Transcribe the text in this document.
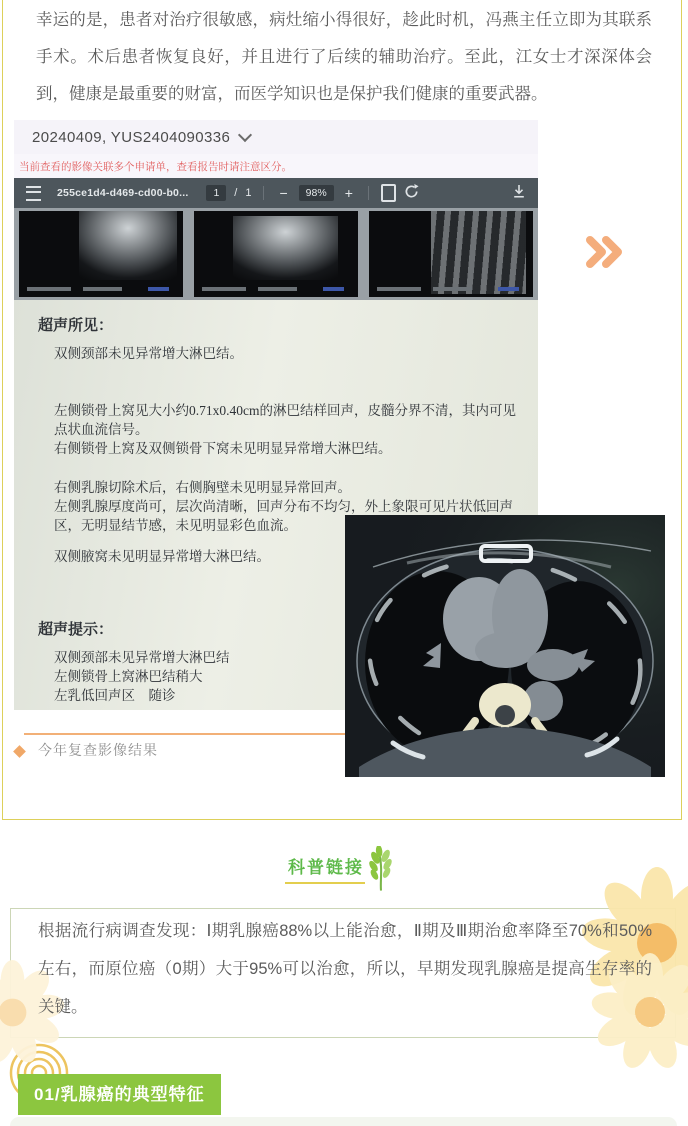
幸运的是，患者对治疗很敏感，病灶缩小得很好，趁此时机，冯燕主任立即为其联系手术。术后患者恢复良好，并且进行了后续的辅助治疗。至此，江女士才深深体会到，健康是最重要的财富，而医学知识也是保护我们健康的重要武器。

20240409, YUS2404090336
当前查看的影像关联多个申请单，查看报告时请注意区分。
255ce1d4-d469-cd00-b0...	1	/ 1 −	98%	+
超声所见：

双侧颈部未见异常增大淋巴结。

左侧锁骨上窝见大小约0.71x0.40cm的淋巴结样回声，皮髓分界不清，其内可见点状血流信号。

右侧锁骨上窝及双侧锁骨下窝未见明显异常增大淋巴结。

右侧乳腺切除术后，右侧胸壁未见明显异常回声。

左侧乳腺厚度尚可，层次尚清晰，回声分布不均匀，外上象限可见片状低回声区，无明显结节感，未见明显彩色血流。

双侧腋窝未见明显异常增大淋巴结。

超声提示：

双侧颈部未见异常增大淋巴结

左侧锁骨上窝淋巴结稍大

左乳低回声区　随诊

今年复查影像结果
科普链接

根据流行病调查发现：Ⅰ期乳腺癌88%以上能治愈，Ⅱ期及Ⅲ期治愈率降至70%和50%左右，而原位癌（0期）大于95%可以治愈，所以，早期发现乳腺癌是提高生存率的关键。

01/乳腺癌的典型特征
